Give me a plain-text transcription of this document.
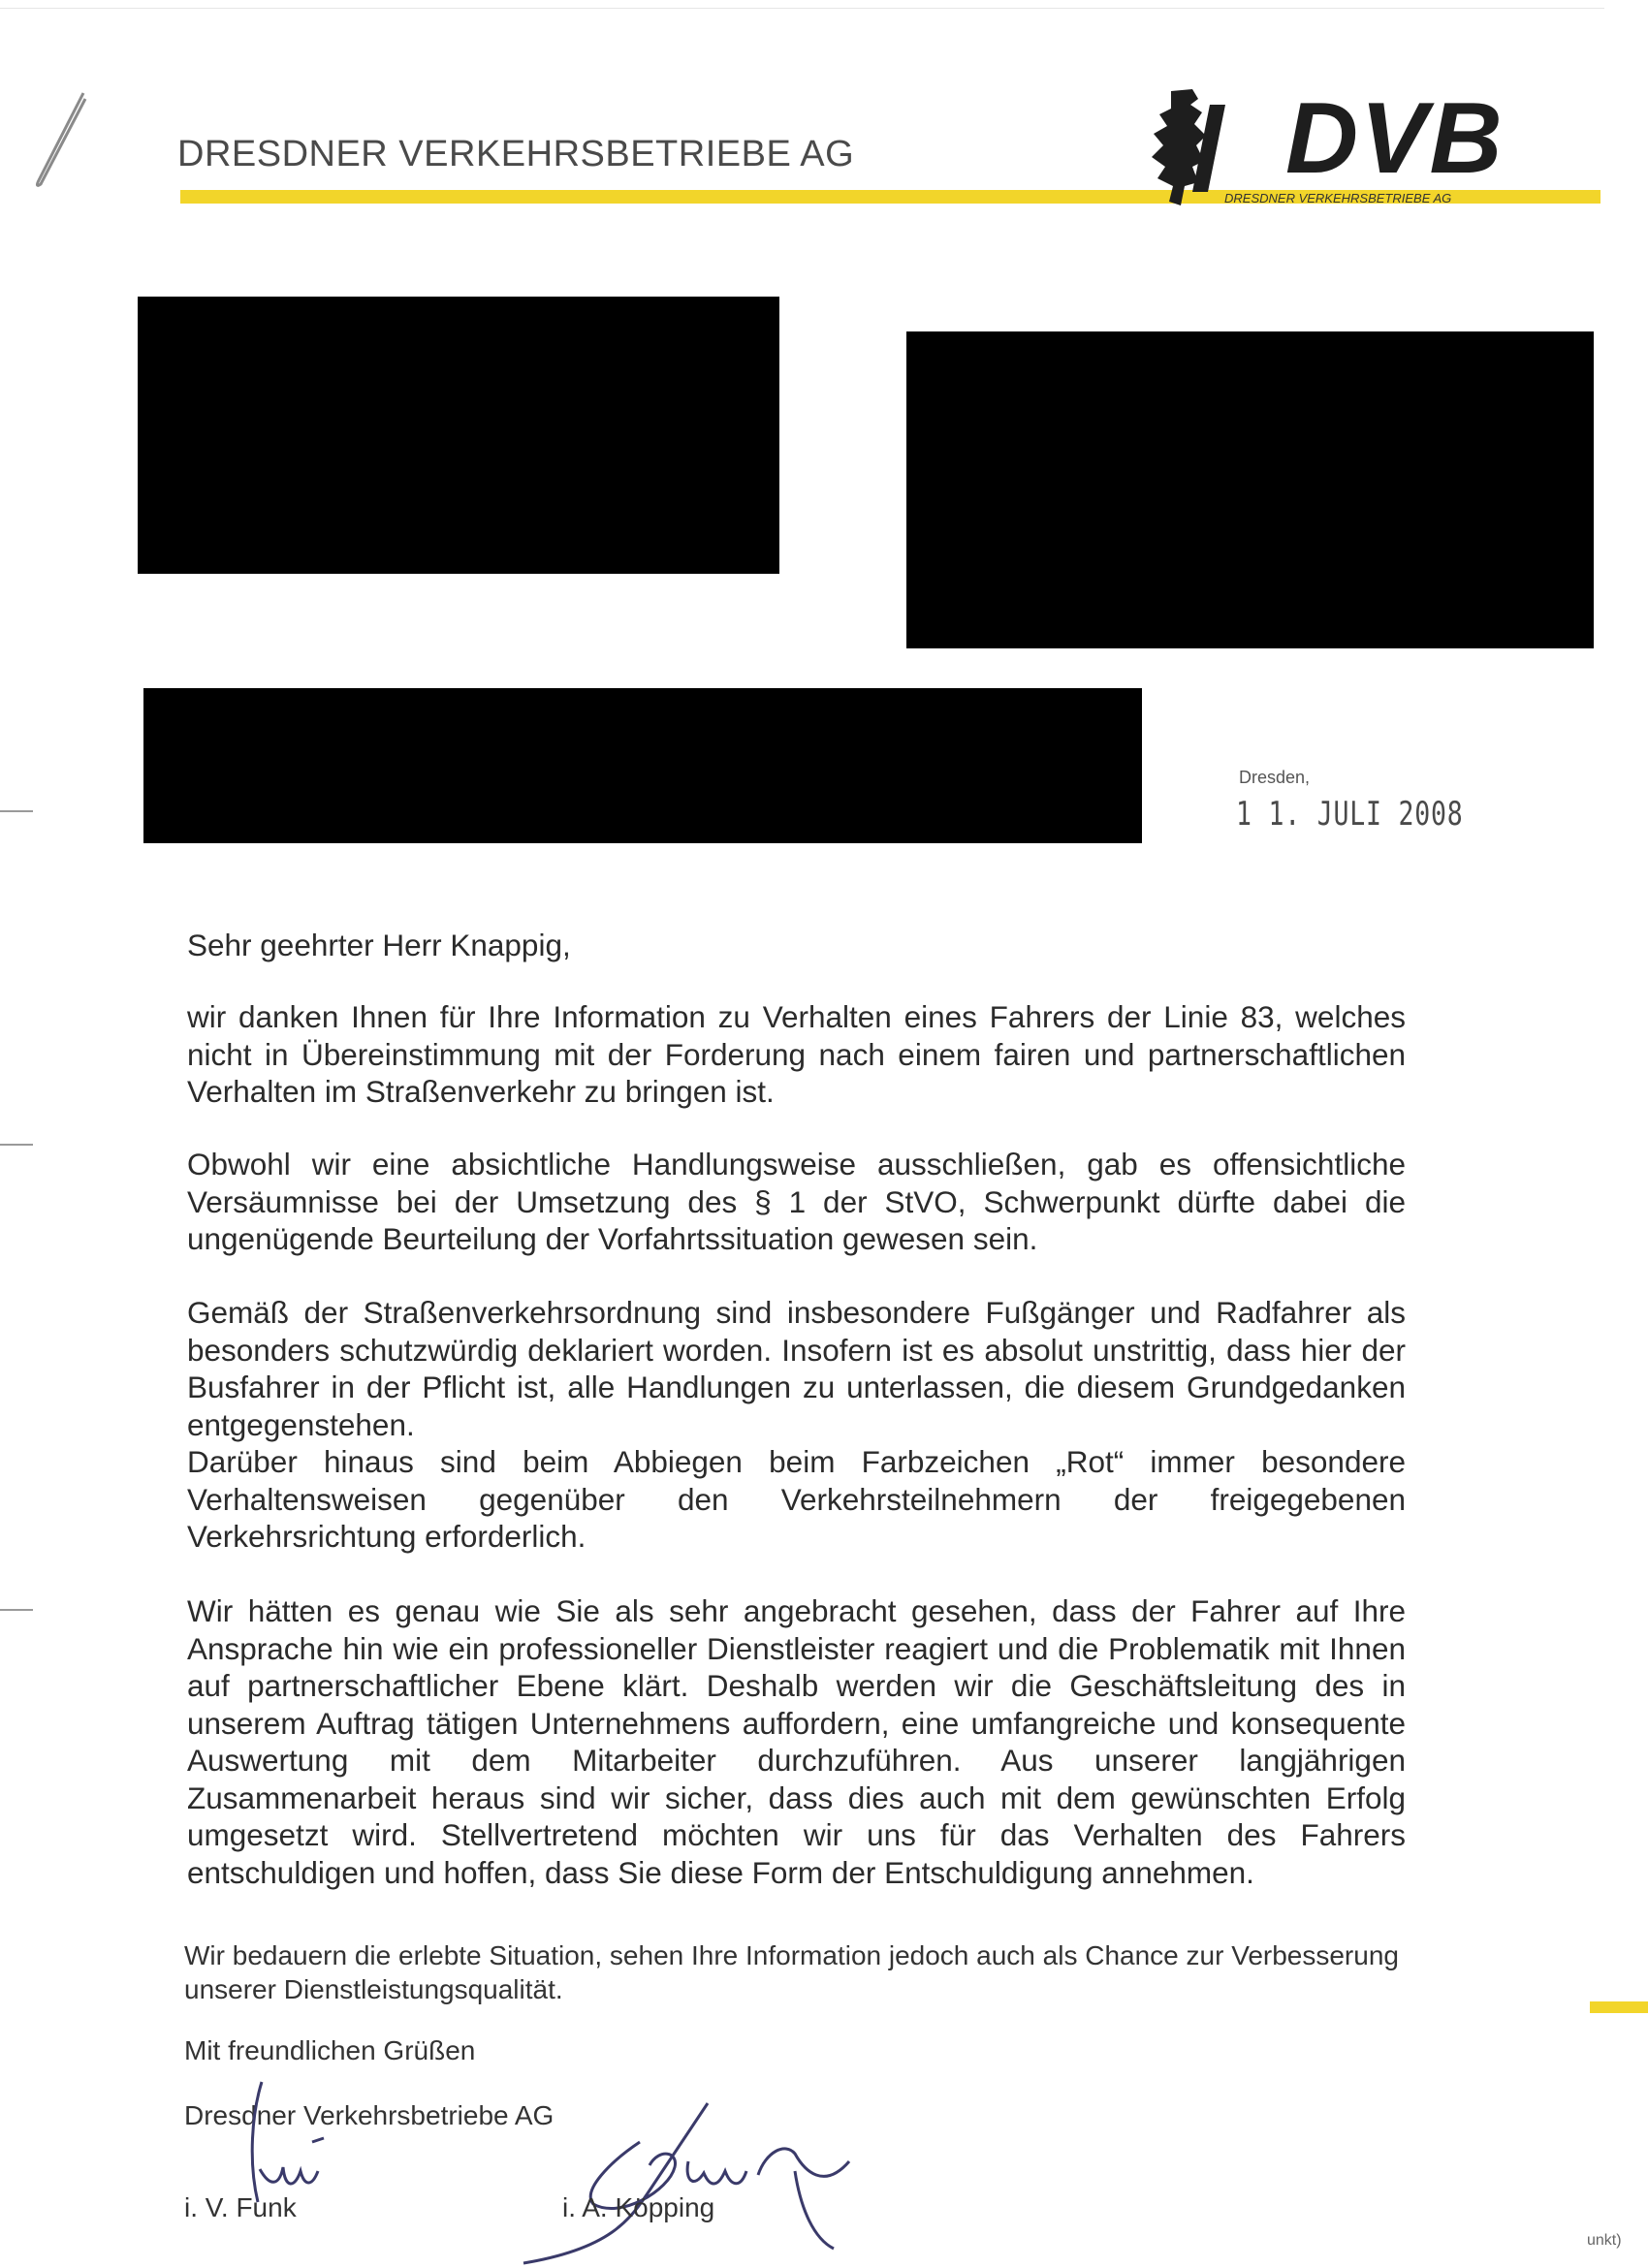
DRESDNER VERKEHRSBETRIEBE AG	DVB
DRESDNER VERKEHRSBETRIEBE AG
Dresden,
1 1. JULI 2008

Sehr geehrter Herr Knappig,

wir danken Ihnen für Ihre Information zu Verhalten eines Fahrers der Linie 83, welches nicht in Übereinstimmung mit der Forderung nach einem fairen und partnerschaftlichen Verhalten im Straßenverkehr zu bringen ist.

Obwohl wir eine absichtliche Handlungsweise ausschließen, gab es offensichtliche Versäumnisse bei der Umsetzung des § 1 der StVO, Schwerpunkt dürfte dabei die ungenügende Beurteilung der Vorfahrtssituation gewesen sein.

Gemäß der Straßenverkehrsordnung sind insbesondere Fußgänger und Radfahrer als besonders schutzwürdig deklariert worden. Insofern ist es absolut unstrittig, dass hier der Busfahrer in der Pflicht ist, alle Handlungen zu unterlassen, die diesem Grundgedanken entgegenstehen.

Darüber hinaus sind beim Abbiegen beim Farbzeichen „Rot“ immer besondere Verhaltensweisen gegenüber den Verkehrsteilnehmern der freigegebenen Verkehrsrichtung erforderlich.

Wir hätten es genau wie Sie als sehr angebracht gesehen, dass der Fahrer auf Ihre Ansprache hin wie ein professioneller Dienstleister reagiert und die Problematik mit Ihnen auf partnerschaftlicher Ebene klärt. Deshalb werden wir die Geschäftsleitung des in unserem Auftrag tätigen Unternehmens auffordern, eine umfangreiche und konsequente Auswertung mit dem Mitarbeiter durchzuführen. Aus unserer langjährigen Zusammenarbeit heraus sind wir sicher, dass dies auch mit dem gewünschten Erfolg umgesetzt wird. Stellvertretend möchten wir uns für das Verhalten des Fahrers entschuldigen und hoffen, dass Sie diese Form der Entschuldigung annehmen.

Wir bedauern die erlebte Situation, sehen Ihre Information jedoch auch als Chance zur Verbesserung unserer Dienstleistungsqualität.

Mit freundlichen Grüßen

Dresdner Verkehrsbetriebe AG

i. V. Funk	i. A. Köpping
unkt)
